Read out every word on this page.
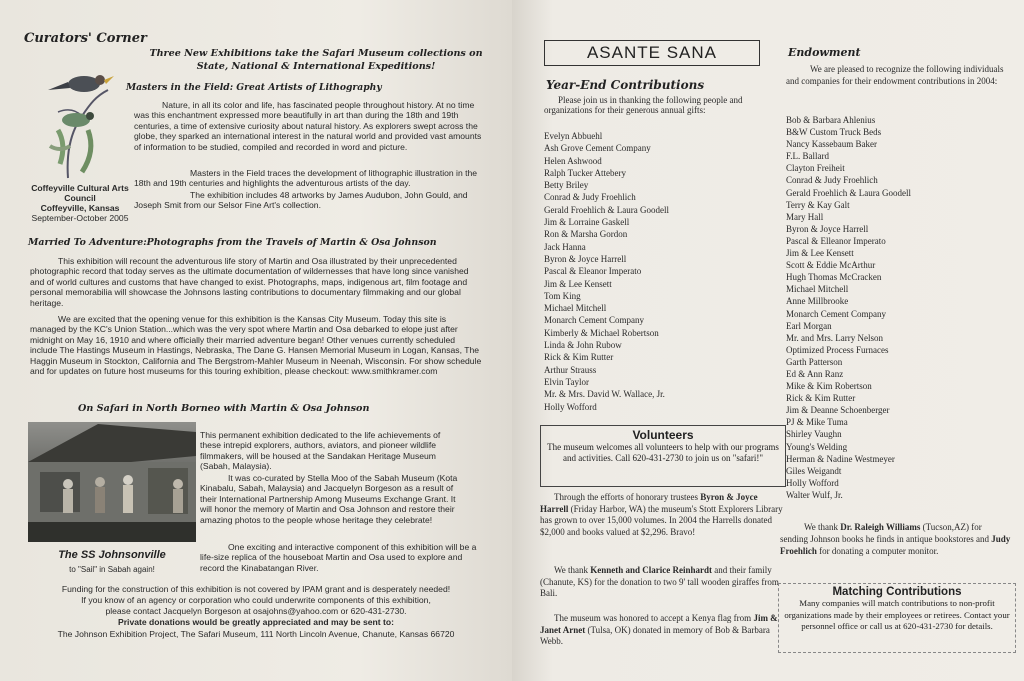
Curators' Corner
Three New Exhibitions take the Safari Museum collections on State, National & International Expeditions!
Masters in the Field: Great Artists of Lithography
Nature, in all its color and life, has fascinated people throughout history. At no time was this enchantment expressed more beautifully in art than during the 18th and 19th centuries, a time of extensive curiosity about natural history. As explorers swept across the globe, they sparked an international interest in the natural world and provided vast amounts of information to be studied, compiled and recorded in word and picture.
Masters in the Field traces the development of lithographic illustration in the 18th and 19th centuries and highlights the adventurous artists of the day.
The exhibition includes 48 artworks by James Audubon, John Gould, and Joseph Smit from our Selsor Fine Art's collection.
Coffeyville Cultural Arts Council
Coffeyville, Kansas
September-October 2005
Married To Adventure:Photographs from the Travels of Martin & Osa Johnson
This exhibition will recount the adventurous life story of Martin and Osa illustrated by their unprecedented photographic record that today serves as the ultimate documentation of wildernesses that have long since vanished and of world cultures and customs that have changed to exist. Photographs, maps, indigenous art, film footage and personal memorabilia will showcase the Johnsons lasting contributions to documentary filmmaking and our global heritage.
We are excited that the opening venue for this exhibition is the Kansas City Museum. Today this site is managed by the KC's Union Station...which was the very spot where Martin and Osa debarked to elope just after midnight on May 16, 1910 and where officially their married adventure began! Other venues currently scheduled include The Hastings Museum in Hastings, Nebraska, The Dane G. Hansen Memorial Museum in Logan, Kansas, The Haggin Museum in Stockton, California and The Bergstrom-Mahler Museum in Neenah, Wisconsin. For show schedule and for updates on future host museums for this touring exhibition, please checkout: www.smithkramer.com
On Safari in North Borneo with Martin & Osa Johnson
This permanent exhibition dedicated to the life achievements of these intrepid explorers, authors, aviators, and pioneer wildlife filmmakers, will be housed at the Sandakan Heritage Museum (Sabah, Malaysia).
It was co-curated by Stella Moo of the Sabah Museum (Kota Kinabalu, Sabah, Malaysia) and Jacquelyn Borgeson as a result of their International Partnership Among Museums Exchange Grant. It will honor the memory of Martin and Osa Johnson and restore their amazing photos to the people whose heritage they celebrate!
One exciting and interactive component of this exhibition will be a life-size replica of the houseboat Martin and Osa used to explore and record the Kinabatangan River.
The SS Johnsonville
to "Sail" in Sabah again!
Funding for the construction of this exhibition is not covered by IPAM grant and is desperately needed!
If you know of an agency or corporation who could underwrite components of this exhibition,
please contact Jacquelyn Borgeson at osajohns@yahoo.com or 620-431-2730.
Private donations would be greatly appreciated and may be sent to:
The Johnson Exhibition Project, The Safari Museum, 111 North Lincoln Avenue, Chanute, Kansas 66720
ASANTE SANA
Year-End Contributions
Please join us in thanking the following people and organizations for their generous annual gifts:
Evelyn Abbuehl
Ash Grove Cement Company
Helen Ashwood
Ralph Tucker Attebery
Betty Briley
Conrad & Judy Froehlich
Gerald Froehlich & Laura Goodell
Jim & Lorraine Gaskell
Ron & Marsha Gordon
Jack Hanna
Byron & Joyce Harrell
Pascal & Eleanor Imperato
Jim & Lee Kensett
Tom King
Michael Mitchell
Monarch Cement Company
Kimberly & Michael Robertson
Linda & John Rubow
Rick & Kim Rutter
Arthur Strauss
Elvin Taylor
Mr. & Mrs. David W. Wallace, Jr.
Holly Wofford
Volunteers
The museum welcomes all volunteers to help with our programs and activities. Call 620-431-2730 to join us on "safari!"
Through the efforts of honorary trustees Byron & Joyce Harrell (Friday Harbor, WA) the museum's Stott Explorers Library has grown to over 15,000 volumes. In 2004 the Harrells donated $2,000 and books valued at $2,296. Bravo!
We thank Kenneth and Clarice Reinhardt and their family (Chanute, KS) for the donation to two 9' tall wooden giraffes from Bali.
The museum was honored to accept a Kenya flag from Jim & Janet Arnet (Tulsa, OK) donated in memory of Bob & Barbara Webb.
Endowment
We are pleased to recognize the following individuals and companies for their endowment contributions in 2004:
Bob & Barbara Ahlenius
B&W Custom Truck Beds
Nancy Kassebaum Baker
F.L. Ballard
Clayton Freiheit
Conrad & Judy Froehlich
Gerald Froehlich & Laura Goodell
Terry & Kay Galt
Mary Hall
Byron & Joyce Harrell
Pascal & Elleanor Imperato
Jim & Lee Kensett
Scott & Eddie McArthur
Hugh Thomas McCracken
Michael Mitchell
Anne Millbrooke
Monarch Cement Company
Earl Morgan
Mr. and Mrs. Larry Nelson
Optimized Process Furnaces
Garth Patterson
Ed & Ann Ranz
Mike & Kim Robertson
Rick & Kim Rutter
Jim & Deanne Schoenberger
PJ & Mike Tuma
Shirley Vaughn
Young's Welding
Herman & Nadine Westmeyer
Giles Weigandt
Holly Wofford
Walter Wulf, Jr.
We thank Dr. Raleigh Williams (Tucson,AZ) for sending Johnson books he finds in antique bookstores and Judy Froehlich for donating a computer monitor.
Matching Contributions
Many companies will match contributions to non-profit organizations made by their employees or retirees. Contact your personnel office or call us at 620-431-2730 for details.
